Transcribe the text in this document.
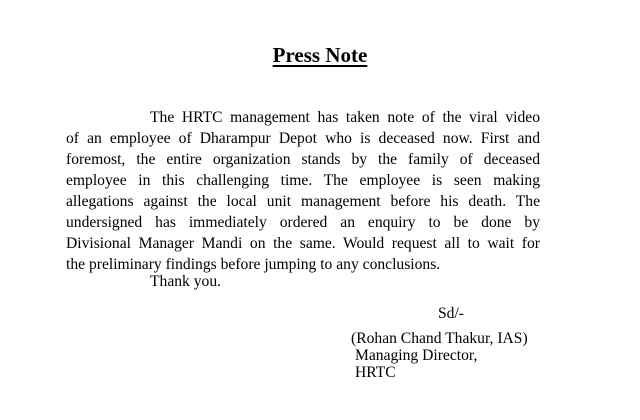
Press Note
The HRTC management has taken note of the viral video
of an employee of Dharampur Depot who is deceased now. First and
foremost, the entire organization stands by the family of deceased
employee in this challenging time. The employee is seen making
allegations against the local unit management before his death. The
undersigned has immediately ordered an enquiry to be done by
Divisional Manager Mandi on the same. Would request all to wait for
the preliminary findings before jumping to any conclusions.
Thank you.
Sd/-
(Rohan Chand Thakur, IAS)
Managing Director,
HRTC
